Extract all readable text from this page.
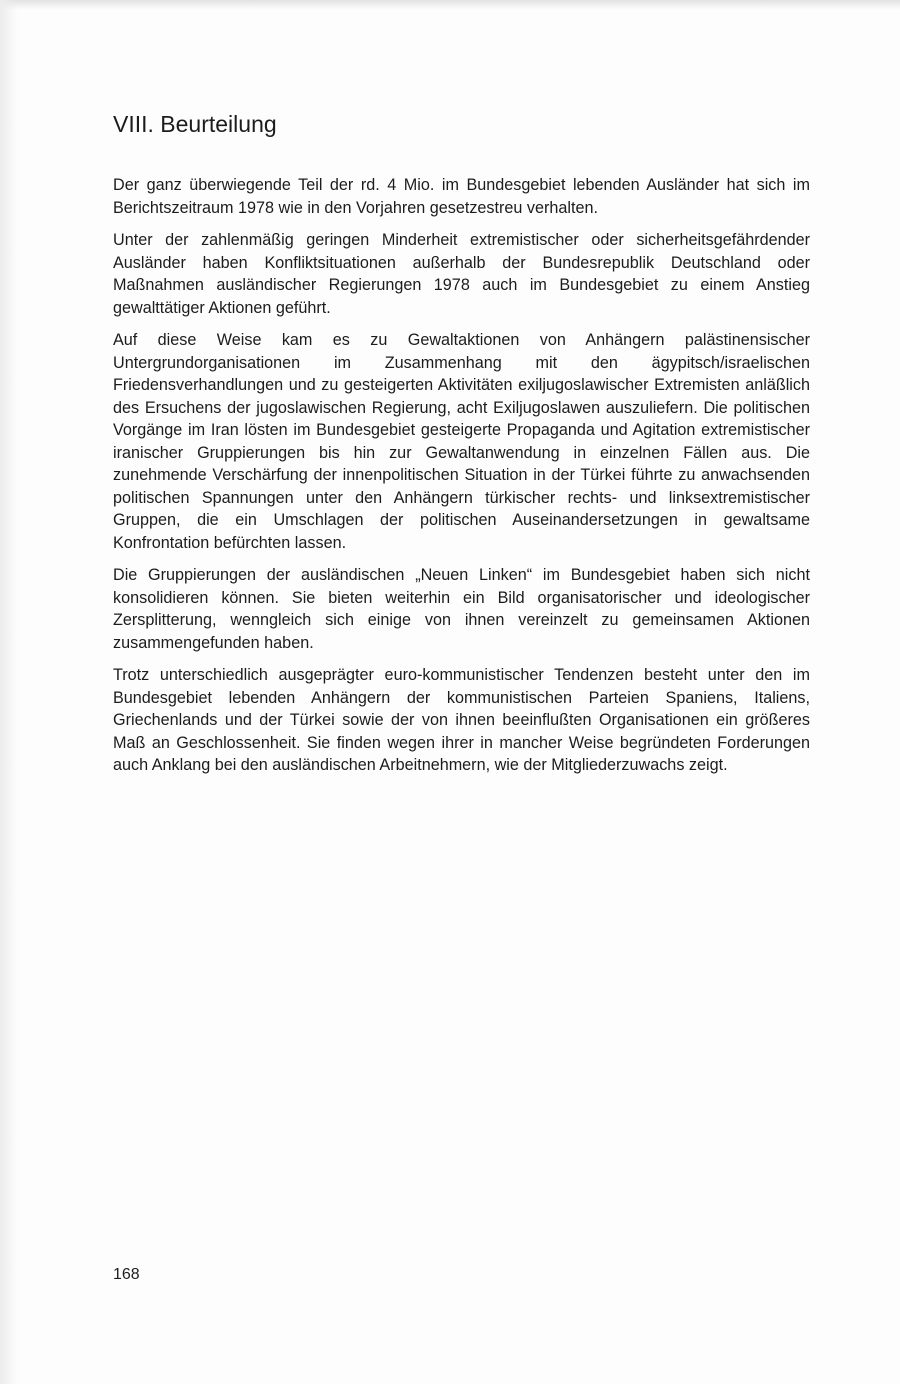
VIII. Beurteilung

Der ganz überwiegende Teil der rd. 4 Mio. im Bundesgebiet lebenden Ausländer hat sich im Berichtszeitraum 1978 wie in den Vorjahren gesetzestreu verhalten.

Unter der zahlenmäßig geringen Minderheit extremistischer oder sicherheitsgefährdender Ausländer haben Konfliktsituationen außerhalb der Bundesrepublik Deutschland oder Maßnahmen ausländischer Regierungen 1978 auch im Bundesgebiet zu einem Anstieg gewalttätiger Aktionen geführt.

Auf diese Weise kam es zu Gewaltaktionen von Anhängern palästinensischer Untergrundorganisationen im Zusammenhang mit den ägypitsch/israelischen Friedensverhandlungen und zu gesteigerten Aktivitäten exiljugoslawischer Extremisten anläßlich des Ersuchens der jugoslawischen Regierung, acht Exiljugoslawen auszuliefern. Die politischen Vorgänge im Iran lösten im Bundesgebiet gesteigerte Propaganda und Agitation extremistischer iranischer Gruppierungen bis hin zur Gewaltanwendung in einzelnen Fällen aus. Die zunehmende Verschärfung der innenpolitischen Situation in der Türkei führte zu anwachsenden politischen Spannungen unter den Anhängern türkischer rechts- und linksextremistischer Gruppen, die ein Umschlagen der politischen Auseinandersetzungen in gewaltsame Konfrontation befürchten lassen.

Die Gruppierungen der ausländischen „Neuen Linken“ im Bundesgebiet haben sich nicht konsolidieren können. Sie bieten weiterhin ein Bild organisatorischer und ideologischer Zersplitterung, wenngleich sich einige von ihnen vereinzelt zu gemeinsamen Aktionen zusammengefunden haben.

Trotz unterschiedlich ausgeprägter euro-kommunistischer Tendenzen besteht unter den im Bundesgebiet lebenden Anhängern der kommunistischen Parteien Spaniens, Italiens, Griechenlands und der Türkei sowie der von ihnen beeinflußten Organisationen ein größeres Maß an Geschlossenheit. Sie finden wegen ihrer in mancher Weise begründeten Forderungen auch Anklang bei den ausländischen Arbeitnehmern, wie der Mitgliederzuwachs zeigt.

168
